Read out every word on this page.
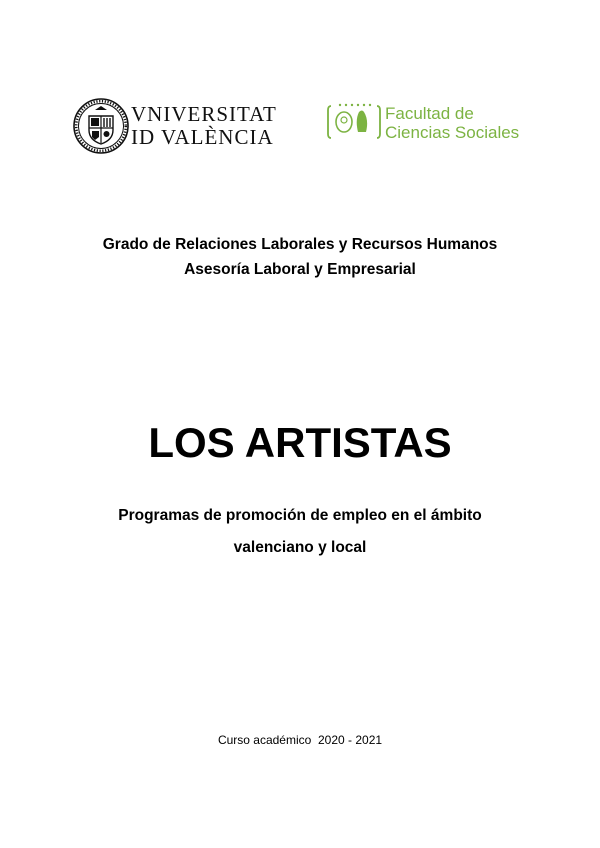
VNIVERSITAT
ID VALÈNCIA
Facultad de
Ciencias Sociales
Grado de Relaciones Laborales y Recursos Humanos
Asesoría Laboral y Empresarial
LOS ARTISTAS
Programas de promoción de empleo en el ámbito
valenciano y local
Curso académico  2020 - 2021
